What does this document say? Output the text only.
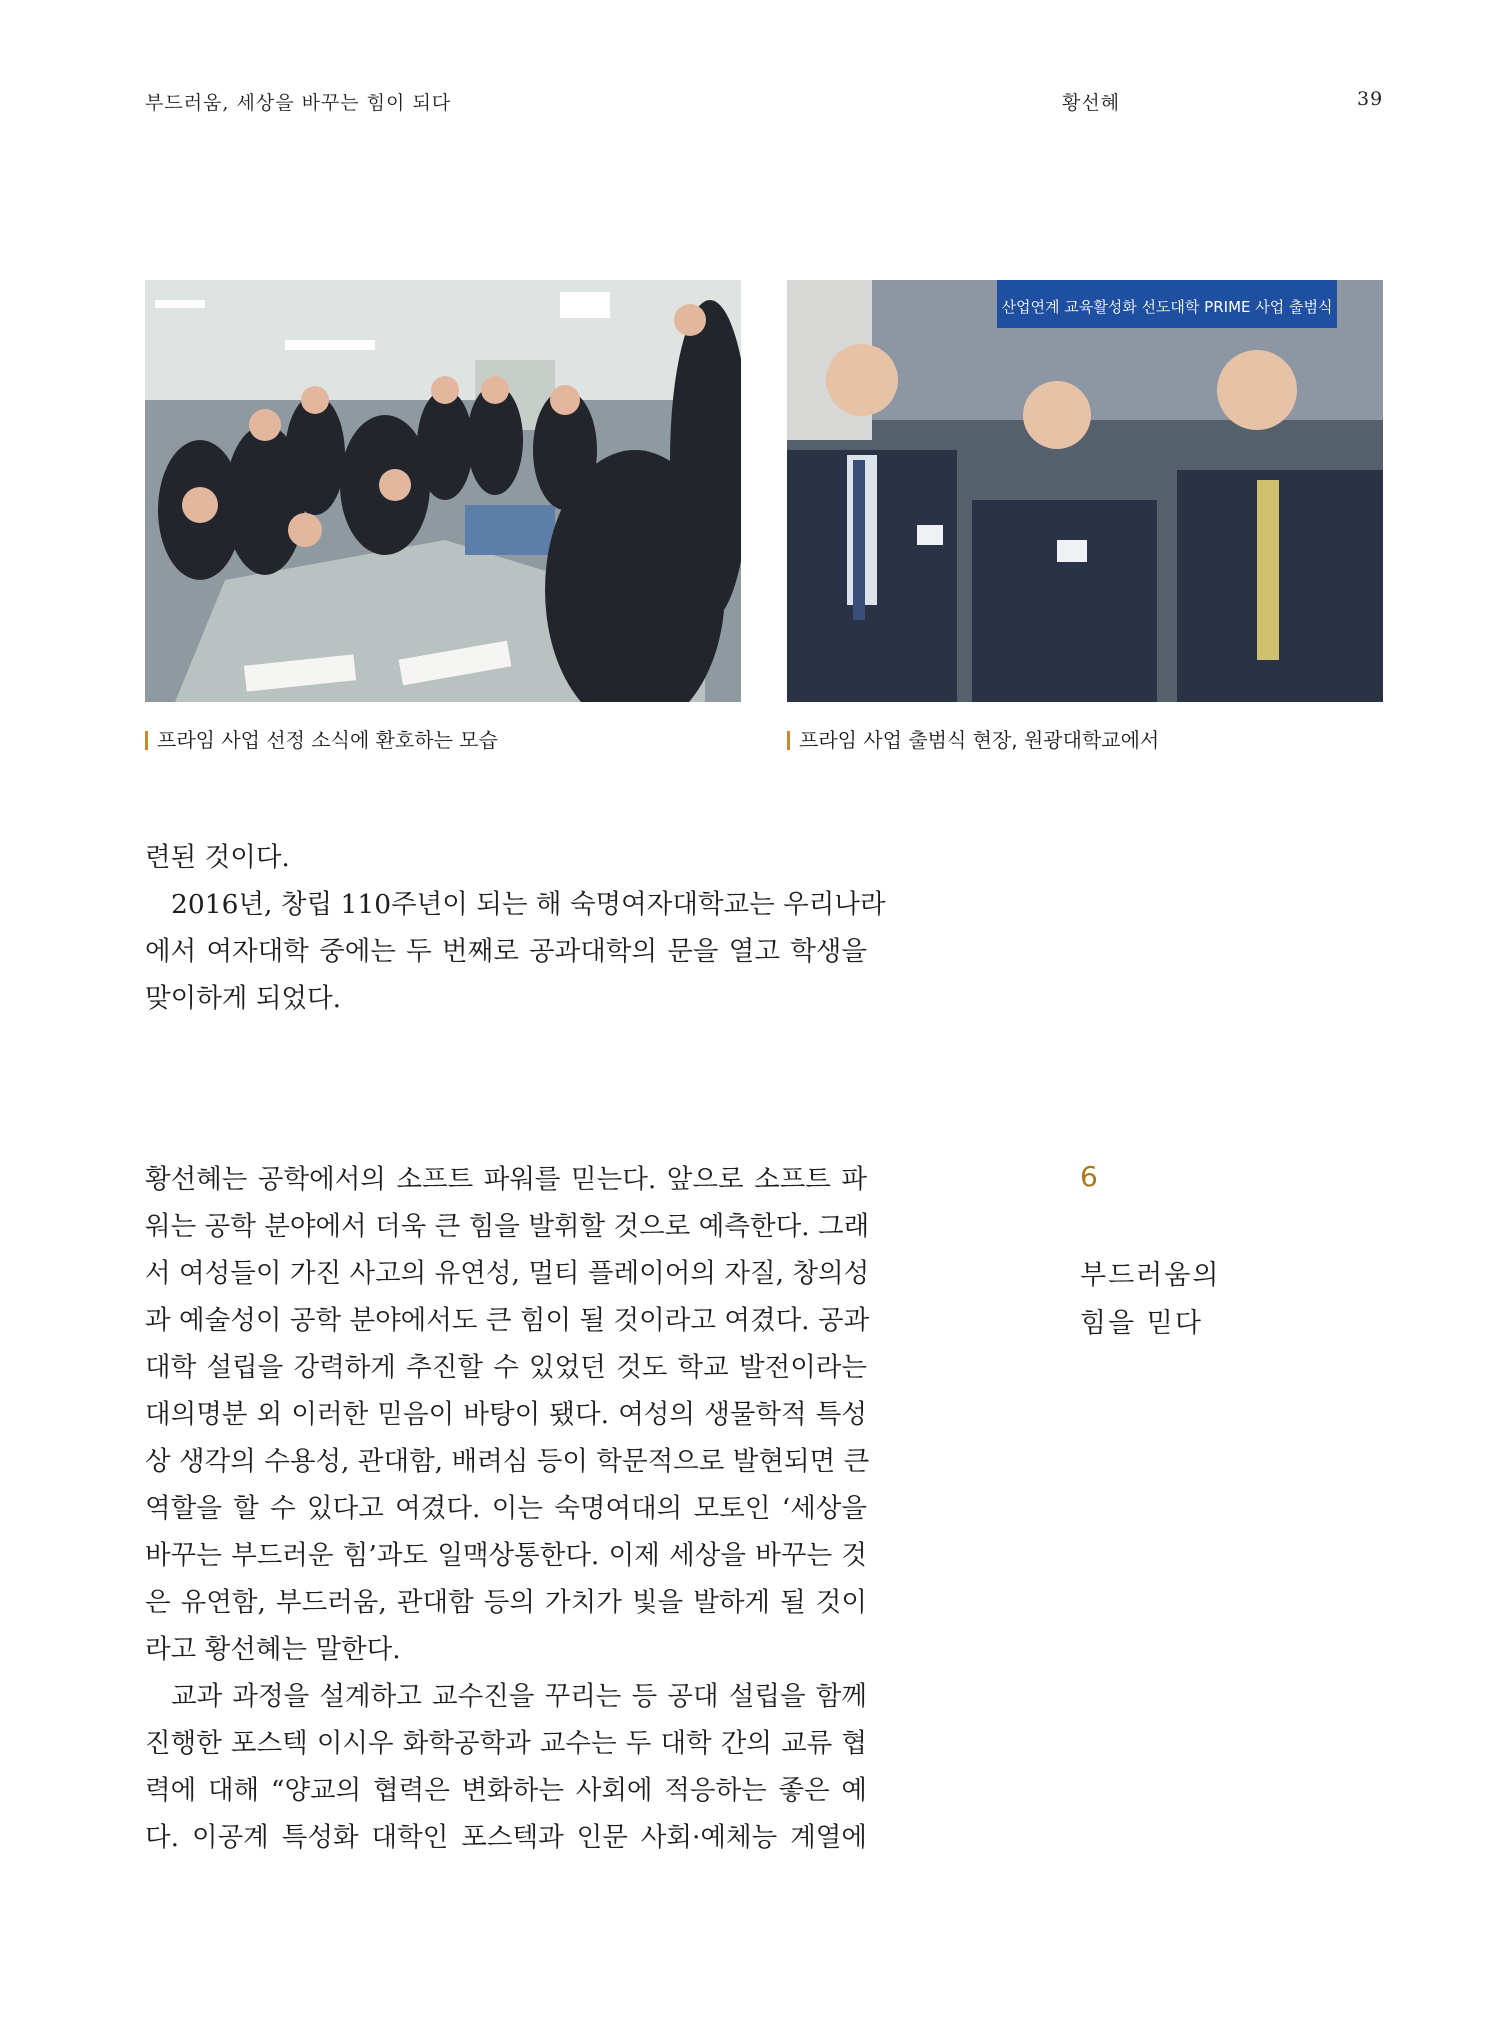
부드러움, 세상을 바꾸는 힘이 되다	황선혜	39
산업연계 교육활성화 선도대학 PRIME 사업 출범식
프라임 사업 선정 소식에 환호하는 모습	프라임 사업 출범식 현장, 원광대학교에서
련된 것이다.
2016년, 창립 110주년이 되는 해 숙명여자대학교는 우리나라
에서 여자대학 중에는 두 번째로 공과대학의 문을 열고 학생을
맞이하게 되었다.
황선혜는 공학에서의 소프트 파워를 믿는다. 앞으로 소프트 파
워는 공학 분야에서 더욱 큰 힘을 발휘할 것으로 예측한다. 그래
서 여성들이 가진 사고의 유연성, 멀티 플레이어의 자질, 창의성
과 예술성이 공학 분야에서도 큰 힘이 될 것이라고 여겼다. 공과
대학 설립을 강력하게 추진할 수 있었던 것도 학교 발전이라는
대의명분 외 이러한 믿음이 바탕이 됐다. 여성의 생물학적 특성
상 생각의 수용성, 관대함, 배려심 등이 학문적으로 발현되면 큰
역할을 할 수 있다고 여겼다. 이는 숙명여대의 모토인 ‘세상을
바꾸는 부드러운 힘’과도 일맥상통한다. 이제 세상을 바꾸는 것
은 유연함, 부드러움, 관대함 등의 가치가 빛을 발하게 될 것이
라고 황선혜는 말한다.
교과 과정을 설계하고 교수진을 꾸리는 등 공대 설립을 함께
진행한 포스텍 이시우 화학공학과 교수는 두 대학 간의 교류 협
력에 대해 “양교의 협력은 변화하는 사회에 적응하는 좋은 예
다. 이공계 특성화 대학인 포스텍과 인문 사회·예체능 계열에
6
부드러움의
힘을 믿다
